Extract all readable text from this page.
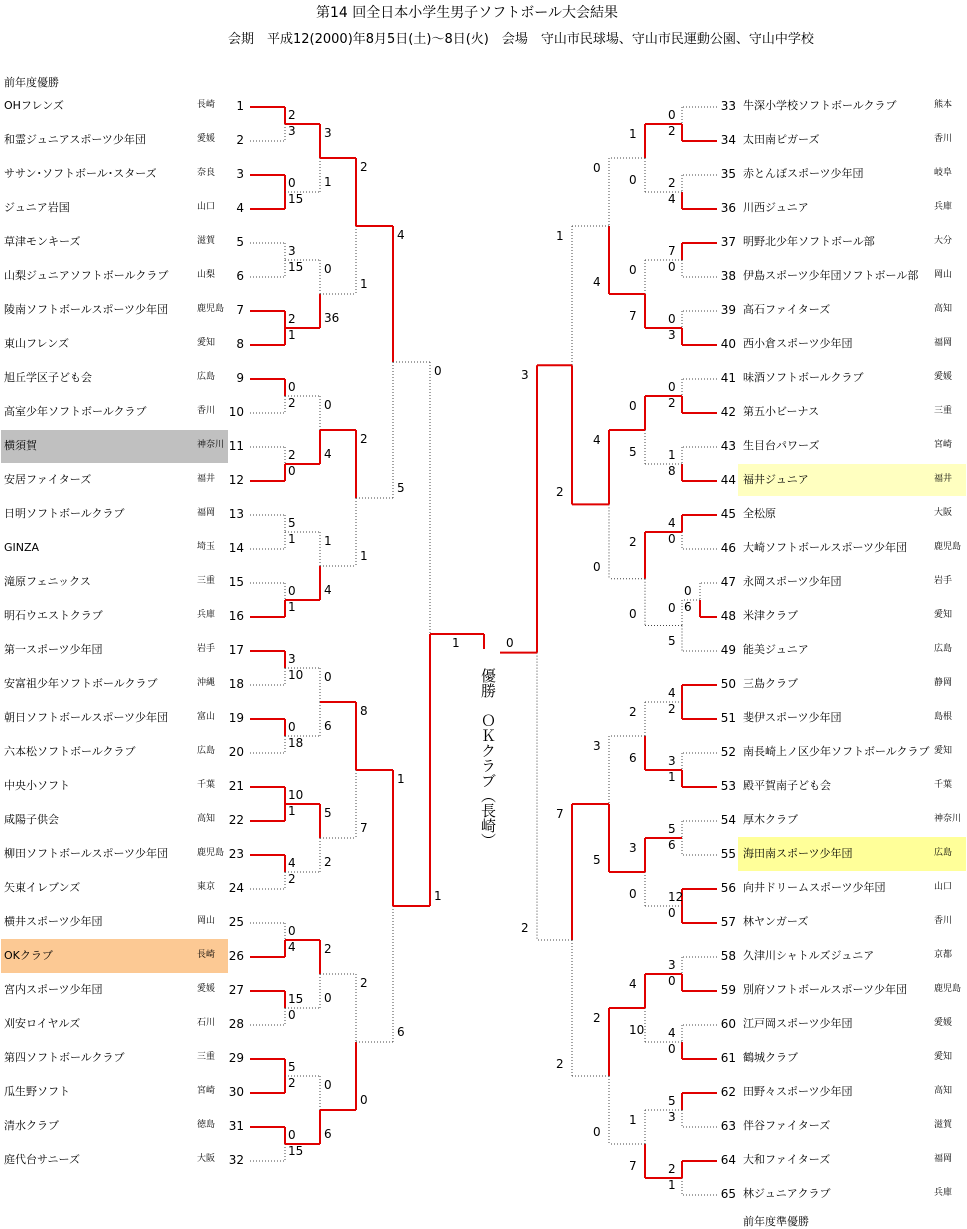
第14 回全日本小学生男子ソフトボール大会結果
会期　平成12(2000)年8月5日(土)～8日(火)　会場　守山市民球場、守山市民運動公園、守山中学校
前年度優勝
前年度準優勝
OHフレンズ	長崎	1
和霊ジュニアスポーツ少年団	愛媛	2
ササン･ソフトボール･スターズ	奈良	3
ジュニア岩国	山口	4
草津モンキーズ	滋賀	5
山梨ジュニアソフトボールクラブ	山梨	6
陵南ソフトボールスポーツ少年団	鹿児島	7
東山フレンズ	愛知	8
旭丘学区子ども会	広島	9
高室少年ソフトボールクラブ	香川	10
横須賀	神奈川 11
安居ファイターズ	福井	12
日明ソフトボールクラブ	福岡	13
GINZA	埼玉	14
滝原フェニックス	三重	15
明石ウエストクラブ	兵庫	16
第一スポーツ少年団	岩手	17
安富祖少年ソフトボールクラブ	沖縄	18
朝日ソフトボールスポーツ少年団	富山	19
六本松ソフトボールクラブ	広島	20
中央小ソフト	千葉	21
咸陽子供会	高知	22
柳田ソフトボールスポーツ少年団	鹿児島 23
矢東イレブンズ	東京	24
横井スポーツ少年団	岡山	25
OKクラブ	長崎	26
宮内スポーツ少年団	愛媛	27
刈安ロイヤルズ	石川	28
第四ソフトボールクラブ	三重	29
瓜生野ソフト	宮崎	30
清水クラブ	徳島	31
庭代台サニーズ	大阪	32
33 牛深小学校ソフトボールクラブ	熊本
34 太田南ピガーズ	香川
35 赤とんぼスポーツ少年団	岐阜
36 川西ジュニア	兵庫
37 明野北少年ソフトボール部	大分
38 伊島スポーツ少年団ソフトボール部 岡山
39 高石ファイターズ	高知
40 西小倉スポーツ少年団	福岡
41 味酒ソフトボールクラブ	愛媛
42 第五小ビーナス	三重
43 生目台パワーズ	宮崎
44 福井ジュニア	福井
45 全松原	大阪
46 大崎ソフトボールスポーツ少年団	鹿児島
47 永岡スポーツ少年団	岩手
48 米津クラブ	愛知
49 能美ジュニア	広島
50 三島クラブ	静岡
51 斐伊スポーツ少年団	島根
52 南長崎上ノ区少年ソフトボールクラブ 愛知
53 殿平賀南子ども会	千葉
54 厚木クラブ	神奈川
55 海田南スポーツ少年団	広島
56 向井ドリームスポーツ少年団	山口
57 林ヤンガーズ	香川
58 久津川シャトルズジュニア	京都
59 別府ソフトボールスポーツ少年団	鹿児島
60 江戸岡スポーツ少年団	愛媛
61 鶴城クラブ	愛知
62 田野々スポーツ少年団	高知
63 伴谷ファイターズ	滋賀
64 大和ファイターズ	福岡
65 林ジュニアクラブ	兵庫
2
3
0
15
3
15
2
1
0
2
2
0
5
1
0
1
3
10
0
18
10
1
4
2
0
4
15
0
5
2
0
15
3
1
0
36
0
4
1
4
0
6
5
2
2
0
0
6
2
1
2
1
8
7
2
0
4
5
1
6
0
1
0
6
0
2
2
4
7
0
0
3
0
2
1
8
4
0
0
5
4
2
3
1
5
6
12
0
3
0
4
0
5
3
2
1
1
0
0
7
0
5
2
0
2
6
3
0
4
10
1
7
0
4
4
0
3
5
2
0
1
2
7
2
3
2
1	0
優勝　ＯＫクラブ（長崎）
